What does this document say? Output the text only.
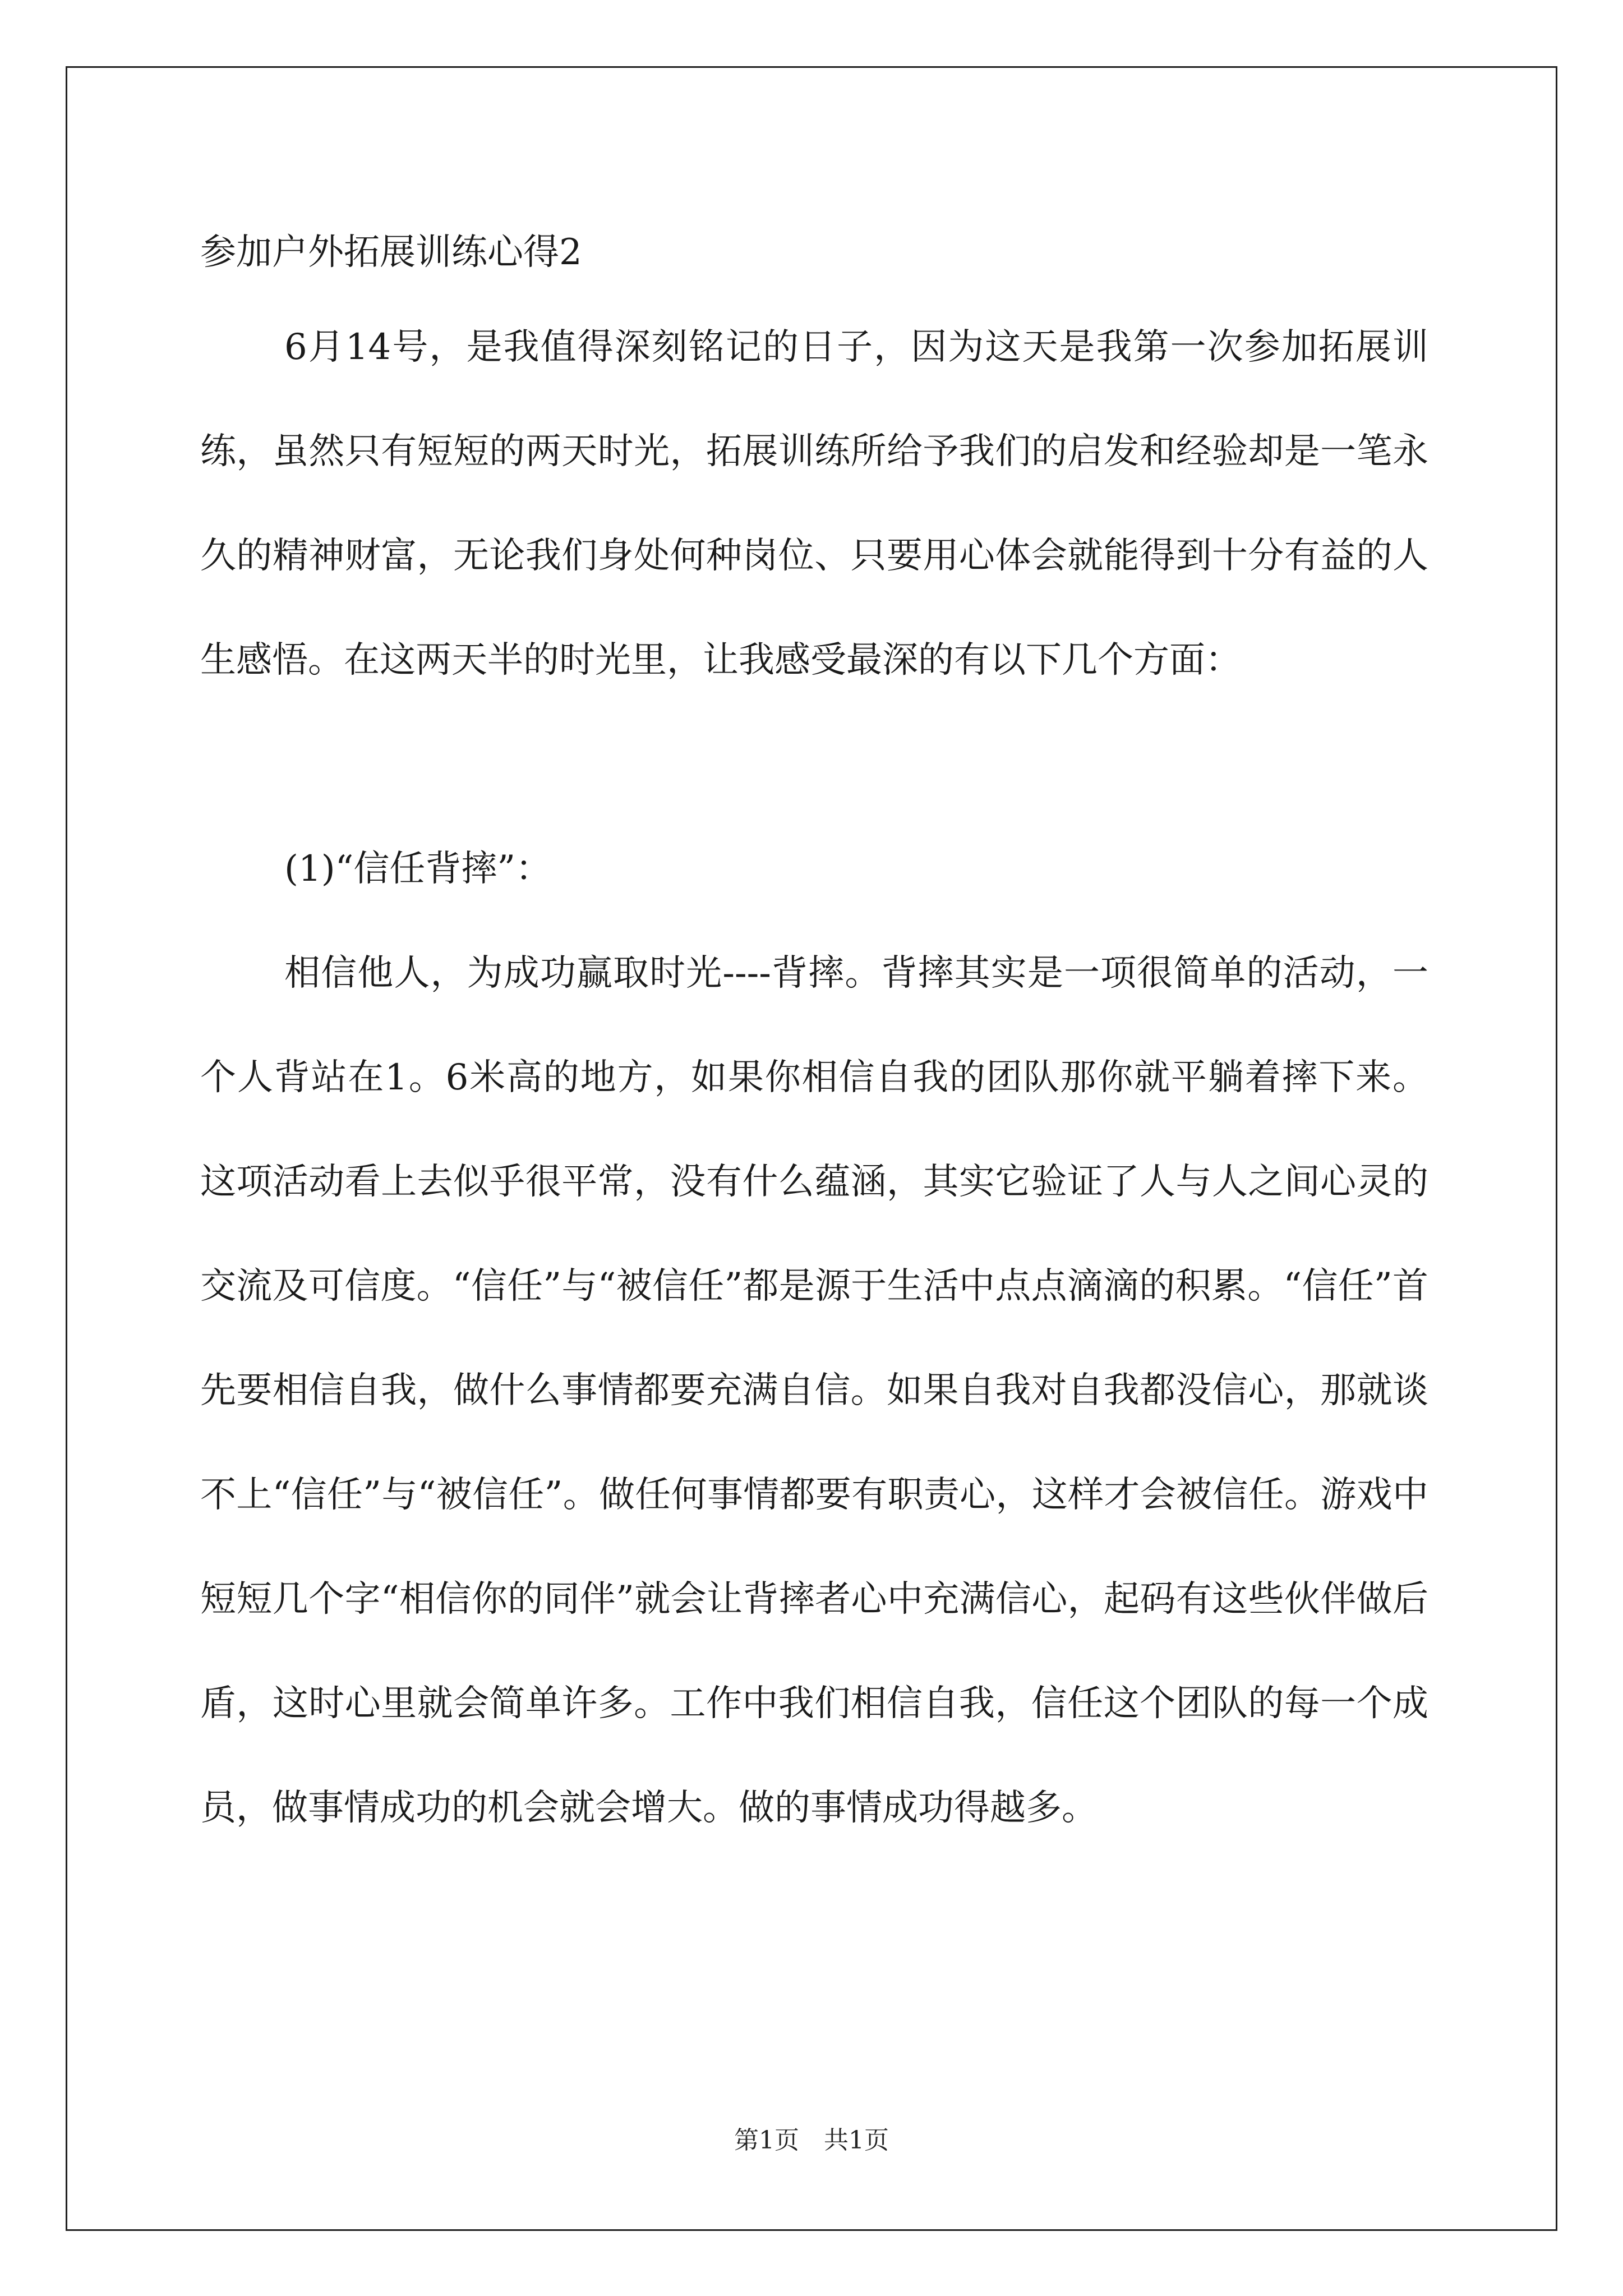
参加户外拓展训练心得2

6月14号，是我值得深刻铭记的日子，因为这天是我第一次参加拓展训练，虽然只有短短的两天时光，拓展训练所给予我们的启发和经验却是一笔永久的精神财富，无论我们身处何种岗位、只要用心体会就能得到十分有益的人生感悟。在这两天半的时光里，让我感受最深的有以下几个方面：

(1)“信任背摔”：

相信他人，为成功赢取时光----背摔。背摔其实是一项很简单的活动，一个人背站在1。6米高的地方，如果你相信自我的团队那你就平躺着摔下来。这项活动看上去似乎很平常，没有什么蕴涵，其实它验证了人与人之间心灵的交流及可信度。“信任”与“被信任”都是源于生活中点点滴滴的积累。“信任”首先要相信自我，做什么事情都要充满自信。如果自我对自我都没信心，那就谈不上“信任”与“被信任”。做任何事情都要有职责心，这样才会被信任。游戏中短短几个字“相信你的同伴”就会让背摔者心中充满信心，起码有这些伙伴做后盾，这时心里就会简单许多。工作中我们相信自我，信任这个团队的每一个成员，做事情成功的机会就会增大。做的事情成功得越多。

第1页　共1页
